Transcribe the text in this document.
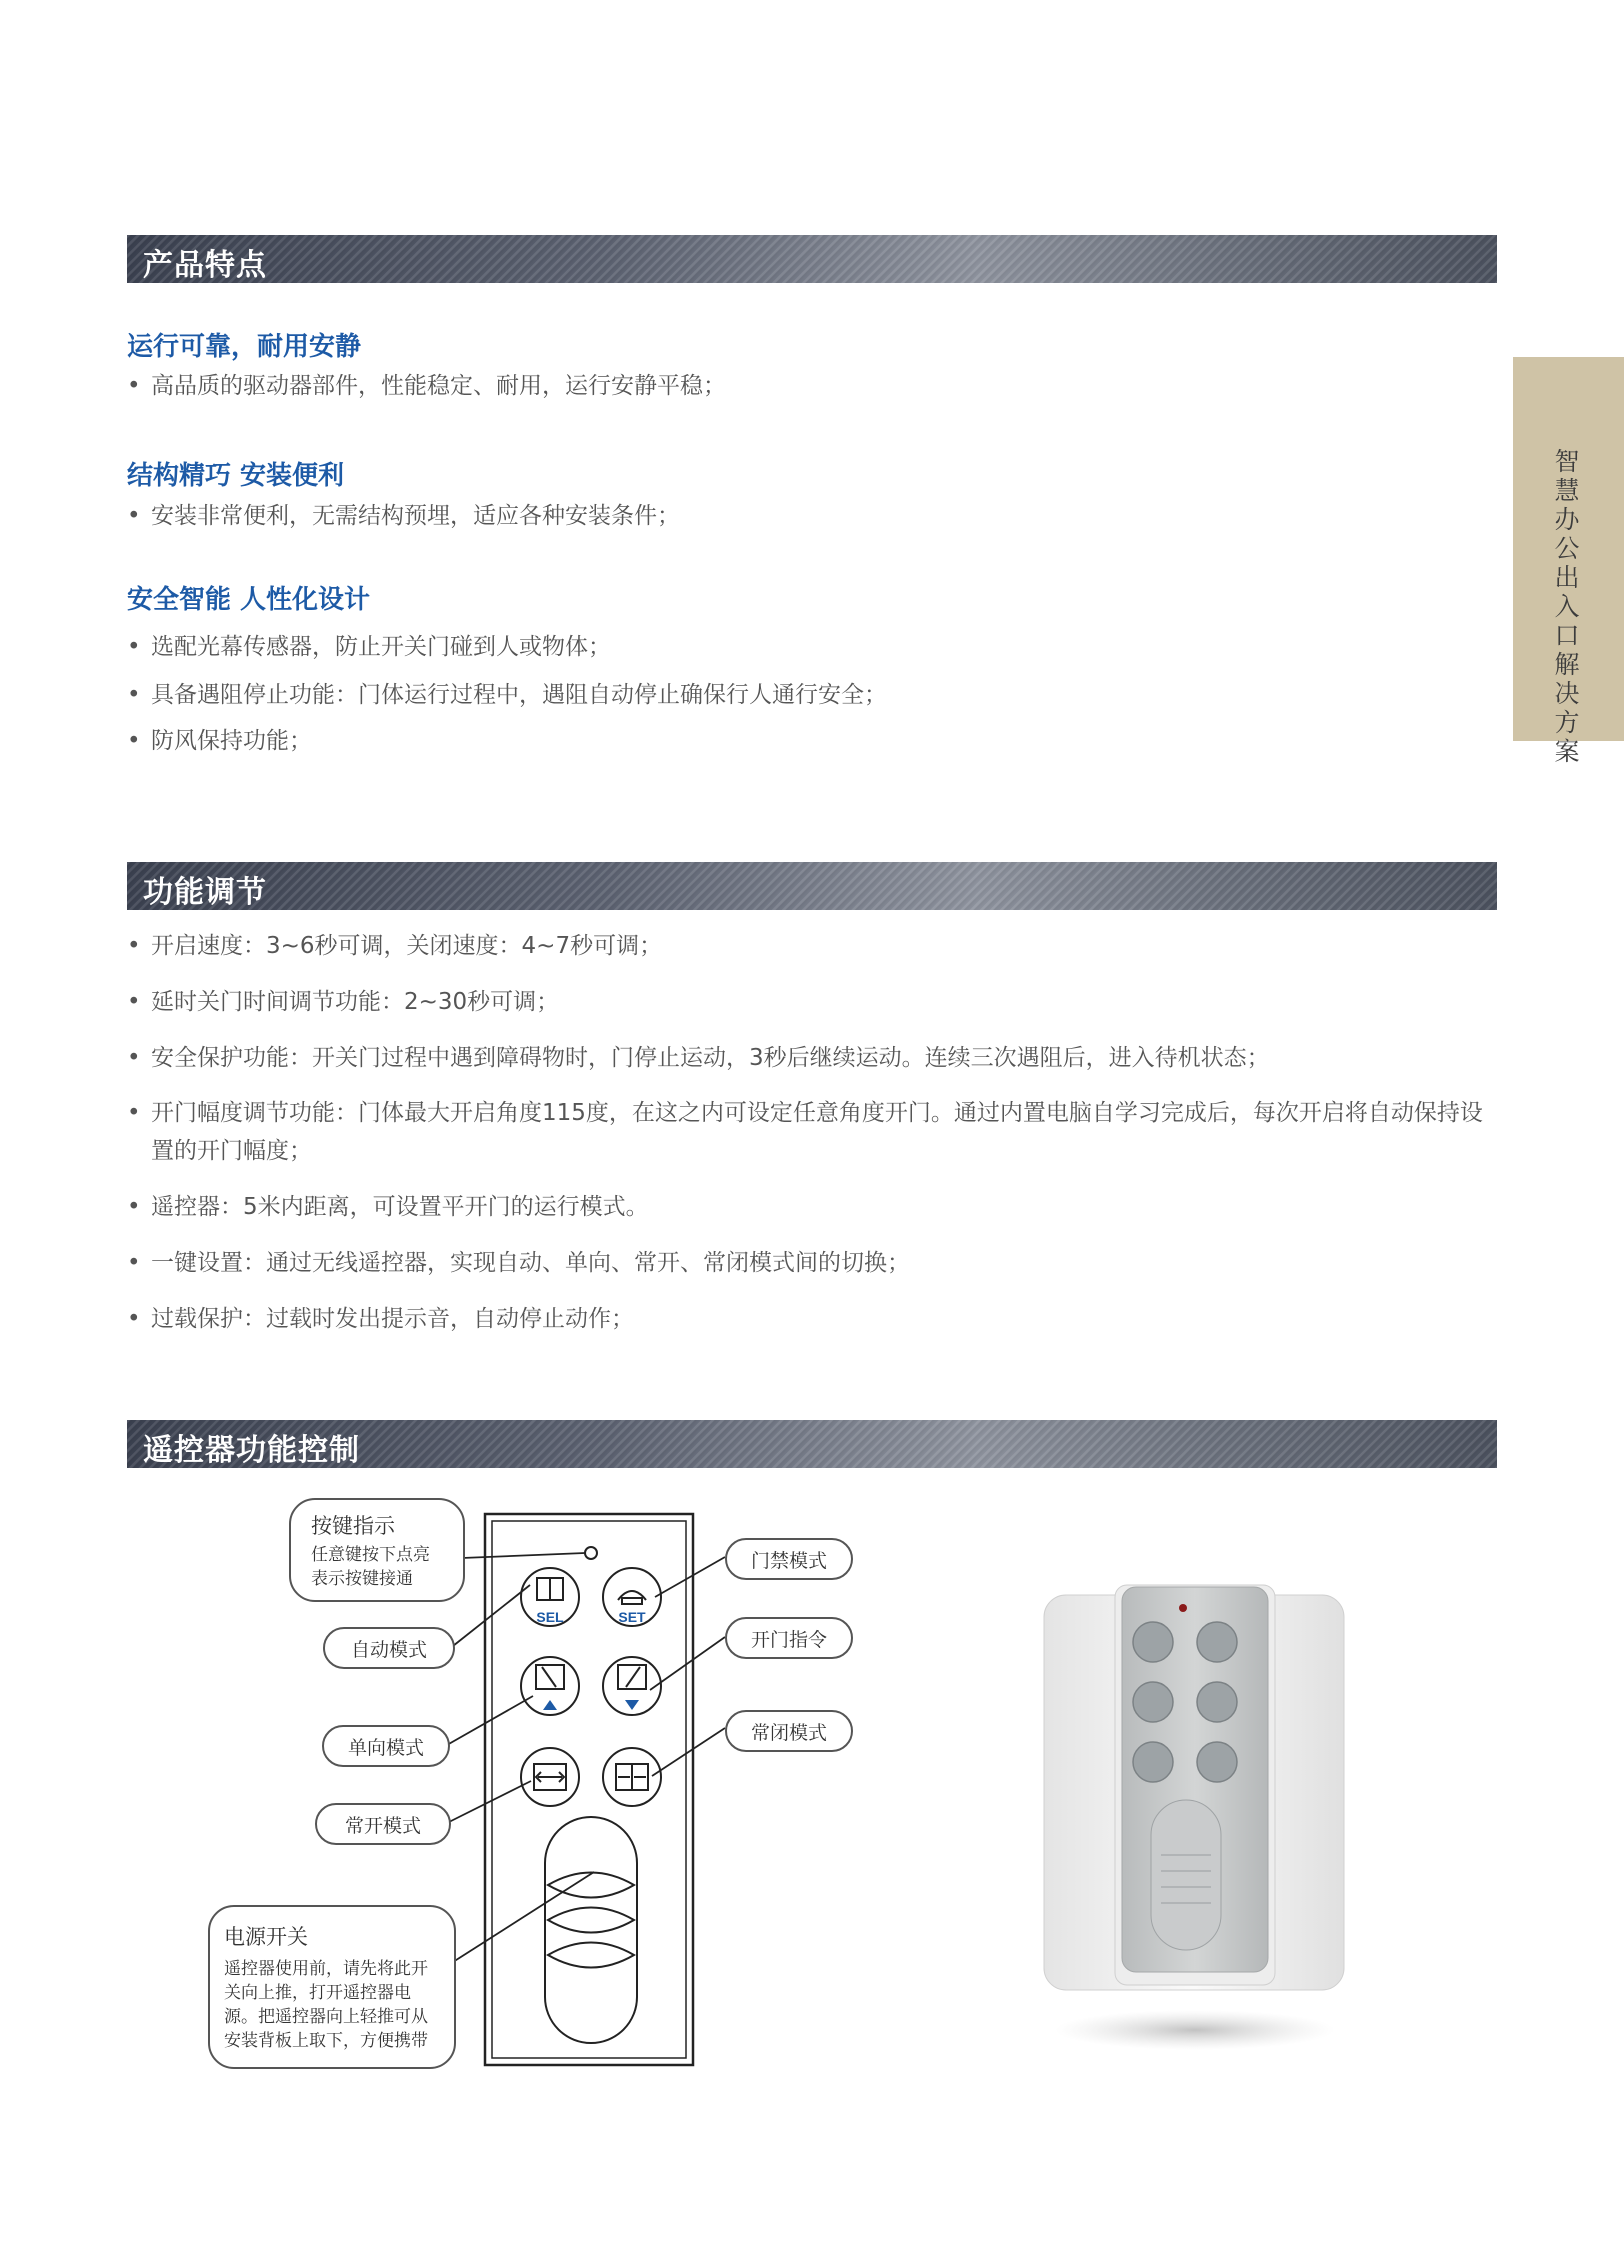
智慧办公出入口解决方案
产品特点
运行可靠，耐用安静
• 高品质的驱动器部件，性能稳定、耐用，运行安静平稳；
结构精巧 安装便利
• 安装非常便利，无需结构预埋，适应各种安装条件；
安全智能 人性化设计
• 选配光幕传感器，防止开关门碰到人或物体；
• 具备遇阻停止功能：门体运行过程中，遇阻自动停止确保行人通行安全；
• 防风保持功能；
功能调节
• 开启速度：3~6秒可调，关闭速度：4~7秒可调；
• 延时关门时间调节功能：2~30秒可调；
• 安全保护功能：开关门过程中遇到障碍物时，门停止运动，3秒后继续运动。连续三次遇阻后，进入待机状态；
• 开门幅度调节功能：门体最大开启角度115度，在这之内可设定任意角度开门。通过内置电脑自学习完成后，每次开启将自动保持设置的开门幅度；
• 遥控器：5米内距离，可设置平开门的运行模式。
• 一键设置：通过无线遥控器，实现自动、单向、常开、常闭模式间的切换；
• 过载保护：过载时发出提示音，自动停止动作；
遥控器功能控制
SEL	SET
按键指示
任意键按下点亮
表示按键接通
自动模式
单向模式
常开模式
门禁模式
开门指令
常闭模式
电源开关
遥控器使用前，请先将此开
关向上推，打开遥控器电
源。把遥控器向上轻推可从
安装背板上取下，方便携带
